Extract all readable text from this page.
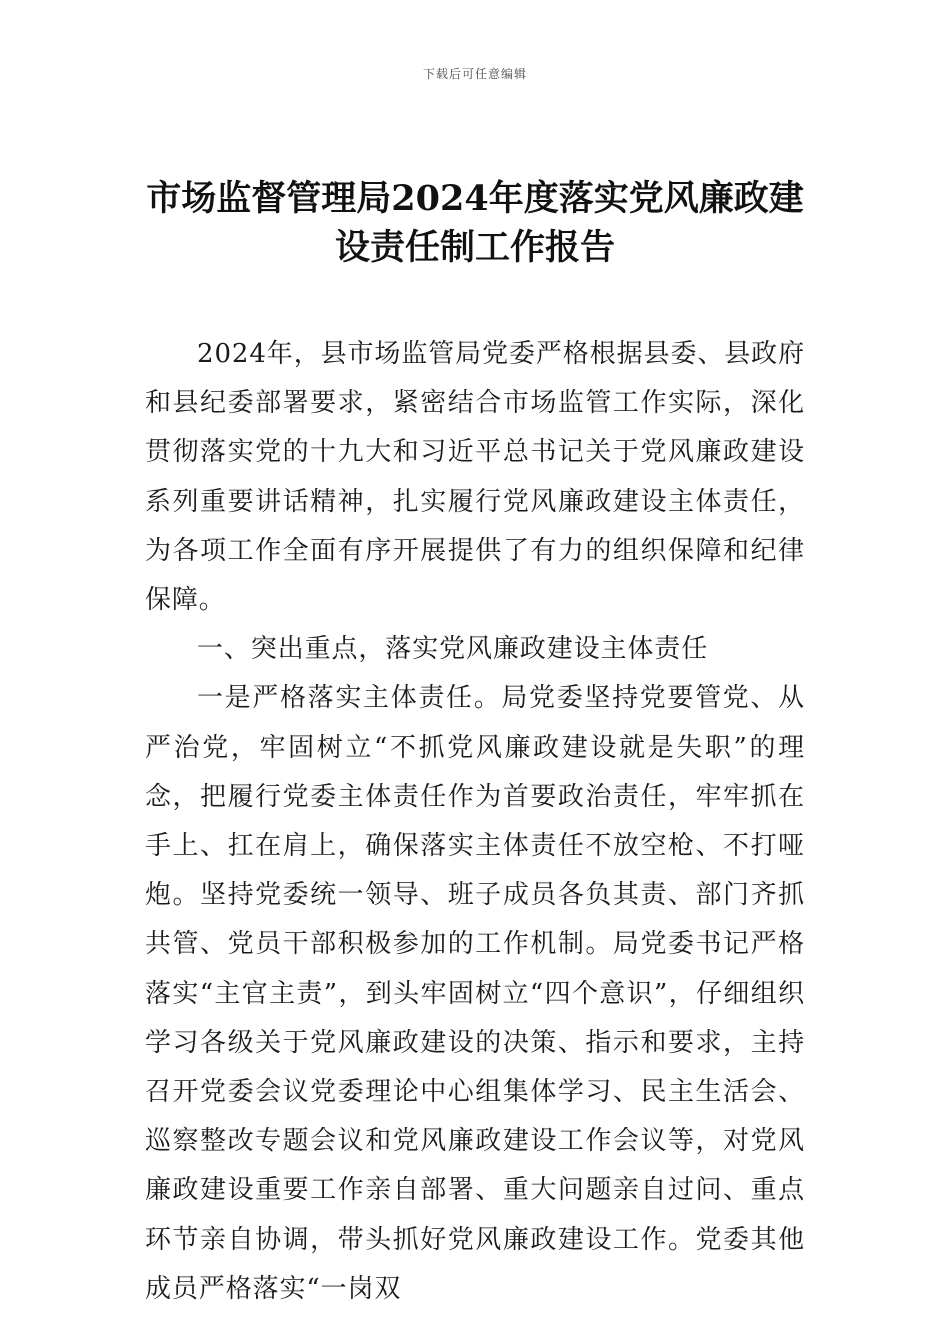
下载后可任意编辑
市场监督管理局2024年度落实党风廉政建设责任制工作报告

2024年，县市场监管局党委严格根据县委、县政府和县纪委部署要求，紧密结合市场监管工作实际，深化贯彻落实党的十九大和习近平总书记关于党风廉政建设系列重要讲话精神，扎实履行党风廉政建设主体责任，为各项工作全面有序开展提供了有力的组织保障和纪律保障。

一、突出重点，落实党风廉政建设主体责任

一是严格落实主体责任。局党委坚持党要管党、从严治党，牢固树立“不抓党风廉政建设就是失职”的理念，把履行党委主体责任作为首要政治责任，牢牢抓在手上、扛在肩上，确保落实主体责任不放空枪、不打哑炮。坚持党委统一领导、班子成员各负其责、部门齐抓共管、党员干部积极参加的工作机制。局党委书记严格落实“主官主责”，到头牢固树立“四个意识”，仔细组织学习各级关于党风廉政建设的决策、指示和要求，主持召开党委会议党委理论中心组集体学习、民主生活会、巡察整改专题会议和党风廉政建设工作会议等，对党风廉政建设重要工作亲自部署、重大问题亲自过问、重点环节亲自协调，带头抓好党风廉政建设工作。党委其他成员严格落实“一岗双
